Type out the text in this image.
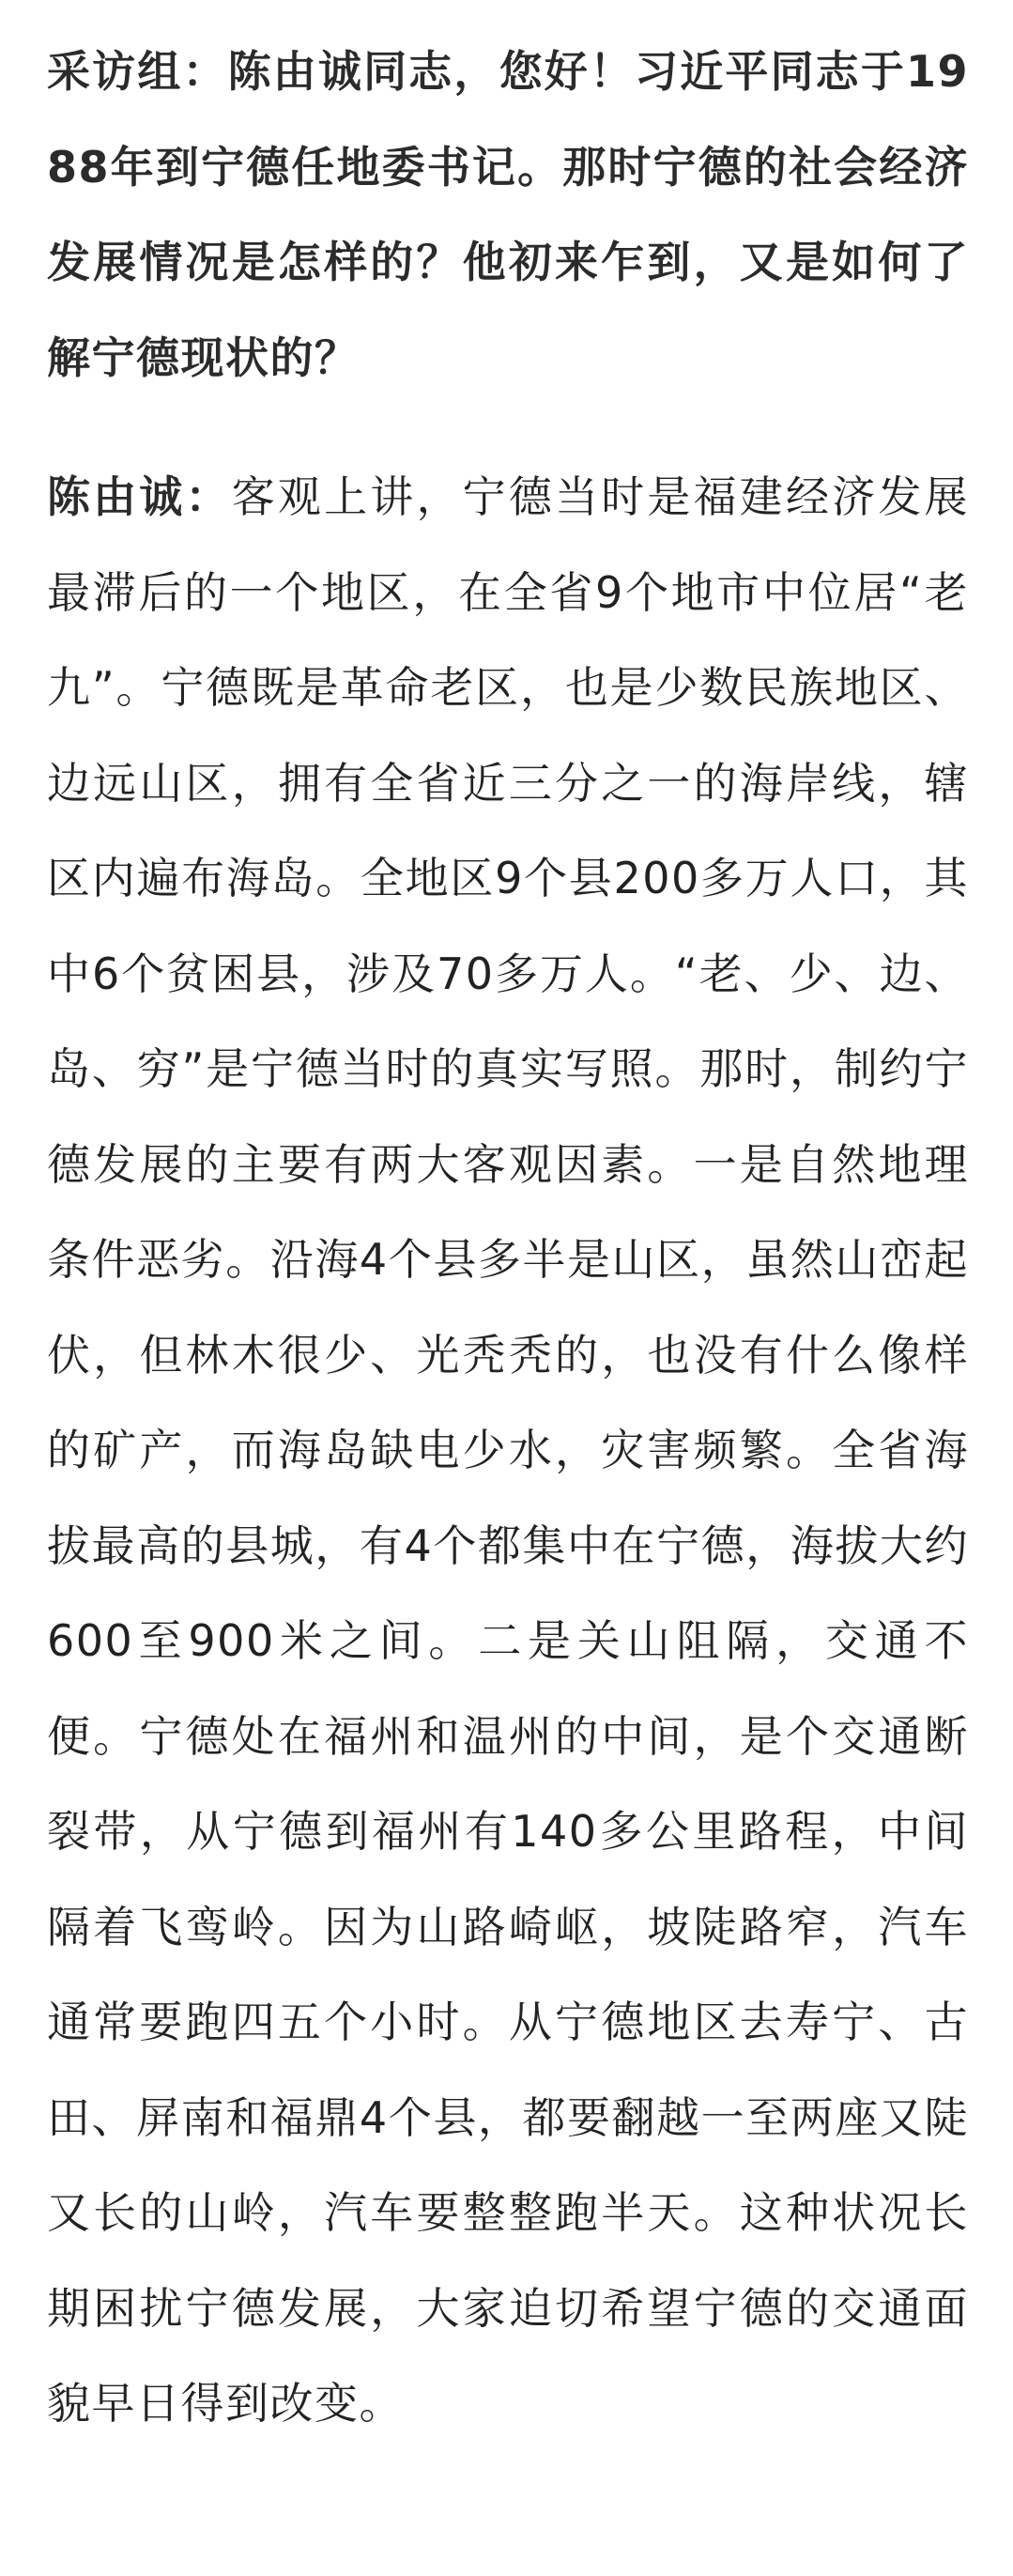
采访组：陈由诚同志，您好！习近平同志于1988年到宁德任地委书记。那时宁德的社会经济发展情况是怎样的？他初来乍到，又是如何了解宁德现状的？

陈由诚：客观上讲，宁德当时是福建经济发展最滞后的一个地区，在全省9个地市中位居“老九”。宁德既是革命老区，也是少数民族地区、边远山区，拥有全省近三分之一的海岸线，辖区内遍布海岛。全地区9个县200多万人口，其中6个贫困县，涉及70多万人。“老、少、边、岛、穷”是宁德当时的真实写照。那时，制约宁德发展的主要有两大客观因素。一是自然地理条件恶劣。沿海4个县多半是山区，虽然山峦起伏，但林木很少、光秃秃的，也没有什么像样的矿产，而海岛缺电少水，灾害频繁。全省海拔最高的县城，有4个都集中在宁德，海拔大约600至900米之间。二是关山阻隔，交通不便。宁德处在福州和温州的中间，是个交通断裂带，从宁德到福州有140多公里路程，中间隔着飞鸾岭。因为山路崎岖，坡陡路窄，汽车通常要跑四五个小时。从宁德地区去寿宁、古田、屏南和福鼎4个县，都要翻越一至两座又陡又长的山岭，汽车要整整跑半天。这种状况长期困扰宁德发展，大家迫切希望宁德的交通面貌早日得到改变。
